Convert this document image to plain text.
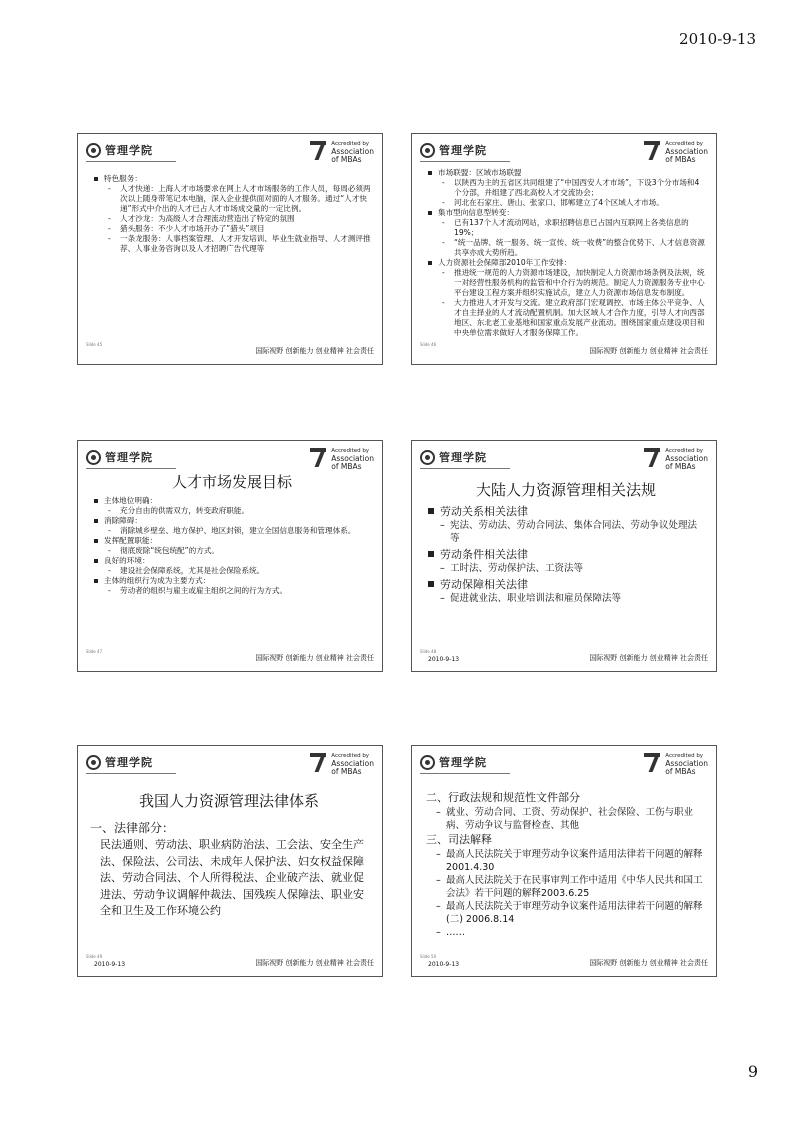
2010-9-13
管理学院	Accredited by
Association
of MBAs
特色服务：
- 人才快递：上海人才市场要求在网上人才市场服务的工作人员，每周必须两次以上随身带笔记本电脑，深入企业提供面对面的人才服务。通过“人才快递”形式中介出的人才已占人才市场成交量的一定比例。
- 人才沙龙：为高级人才合理流动营造出了特定的氛围
- 猎头服务：不少人才市场开办了”猎头”项目
- 一条龙服务：人事档案管理、人才开发培训、毕业生就业指导、人才测评推荐、人事业务咨询以及人才招聘广告代理等
Slide 45
国际视野 创新能力 创业精神 社会责任
管理学院	Accredited by
Association
of MBAs
市场联盟：区域市场联盟
- 以陕西为主的五省区共同组建了“中国西安人才市场”，下设3个分市场和4个分部，并组建了西北高校人才交流协会；
- 河北在石家庄、唐山、张家口、邯郸建立了4个区域人才市场。
集市型向信息型转变：
- 已有137个人才流动网站，求职招聘信息已占国内互联网上各类信息的19%；
- “统一品牌、统一服务、统一宣传、统一收费”的整合优势下、人才信息资源共享亦成大势所趋。
人力资源社会保障部2010年工作安排：
- 推进统一规范的人力资源市场建设，加快制定人力资源市场条例及法规，统一对经营性服务机构的监管和中介行为的规范。制定人力资源服务专业中心平台建设工程方案并组织实施试点，建立人力资源市场信息发布制度。
- 大力推进人才开发与交流。建立政府部门宏观调控、市场主体公平竞争、人才自主择业的人才流动配置机制。加大区域人才合作力度，引导人才向西部地区、东北老工业基地和国家重点发展产业流动。围绕国家重点建设项目和中央单位需求做好人才服务保障工作。
Slide 46
国际视野 创新能力 创业精神 社会责任
管理学院	Accredited by
Association
of MBAs
人才市场发展目标
主体地位明确：
- 充分自由的供需双方，转变政府职能。
消除障碍：
- 消除城乡壁垒、地方保护、地区封锁，建立全国信息服务和管理体系。
发挥配置职能：
- 彻底废除“统包统配”的方式。
良好的环境：
- 建设社会保障系统，尤其是社会保险系统。
主体的组织行为成为主要方式：
- 劳动者的组织与雇主或雇主组织之间的行为方式。
Slide 47
国际视野 创新能力 创业精神 社会责任
管理学院	Accredited by
Association
of MBAs
大陆人力资源管理相关法规
劳动关系相关法律
– 宪法、劳动法、劳动合同法、集体合同法、劳动争议处理法等
劳动条件相关法律
– 工时法、劳动保护法、工资法等
劳动保障相关法律
– 促进就业法、职业培训法和雇员保障法等
Slide 48
2010-9-13	国际视野 创新能力 创业精神 社会责任
管理学院	Accredited by
Association
of MBAs
我国人力资源管理法律体系
一、法律部分：
民法通则、劳动法、职业病防治法、工会法、安全生产法、保险法、公司法、未成年人保护法、妇女权益保障法、劳动合同法、个人所得税法、企业破产法、就业促进法、劳动争议调解仲裁法、国残疾人保障法、职业安全和卫生及工作环境公约
Slide 49
2010-9-13	国际视野 创新能力 创业精神 社会责任
管理学院	Accredited by
Association
of MBAs
二、行政法规和规范性文件部分
– 就业、劳动合同、工资、劳动保护、社会保险、工伤与职业病、劳动争议与监督检查、其他
三、司法解释
– 最高人民法院关于审理劳动争议案件适用法律若干问题的解释 2001.4.30
– 最高人民法院关于在民事审判工作中适用《中华人民共和国工会法》若干问题的解释2003.6.25
– 最高人民法院关于审理劳动争议案件适用法律若干问题的解释(二) 2006.8.14
– ……
Slide 50
2010-9-13	国际视野 创新能力 创业精神 社会责任
9
